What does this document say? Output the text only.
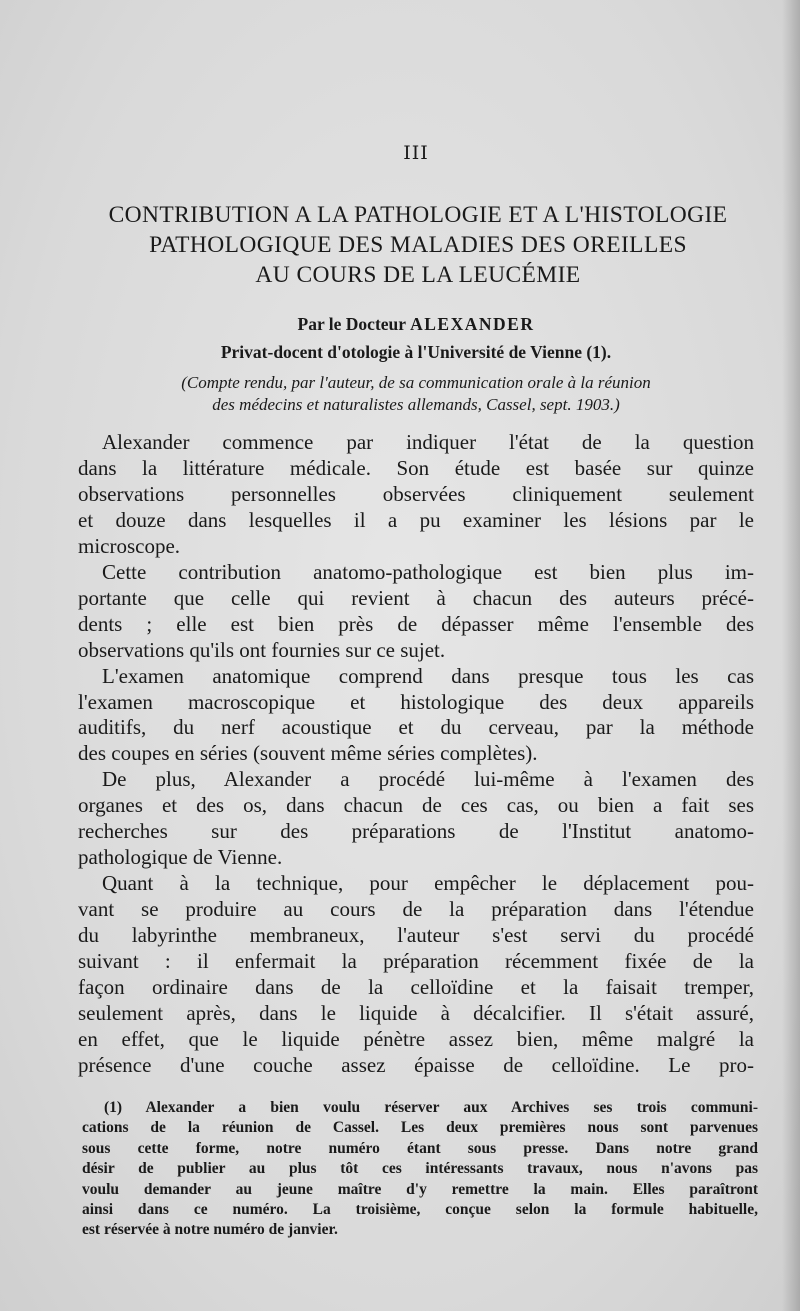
III
CONTRIBUTION A LA PATHOLOGIE ET A L'HISTOLOGIE
PATHOLOGIQUE DES MALADIES DES OREILLES
AU COURS DE LA LEUCÉMIE
Par le Docteur ALEXANDER
Privat-docent d'otologie à l'Université de Vienne (1).
(Compte rendu, par l'auteur, de sa communication orale à la réunion
des médecins et naturalistes allemands, Cassel, sept. 1903.)
Alexander commence par indiquer l'état de la question
dans la littérature médicale. Son étude est basée sur quinze
observations personnelles observées cliniquement seulement
et douze dans lesquelles il a pu examiner les lésions par le
microscope.
Cette contribution anatomo-pathologique est bien plus im-
portante que celle qui revient à chacun des auteurs précé-
dents ; elle est bien près de dépasser même l'ensemble des
observations qu'ils ont fournies sur ce sujet.
L'examen anatomique comprend dans presque tous les cas
l'examen macroscopique et histologique des deux appareils
auditifs, du nerf acoustique et du cerveau, par la méthode
des coupes en séries (souvent même séries complètes).
De plus, Alexander a procédé lui-même à l'examen des
organes et des os, dans chacun de ces cas, ou bien a fait ses
recherches sur des préparations de l'Institut anatomo-
pathologique de Vienne.
Quant à la technique, pour empêcher le déplacement pou-
vant se produire au cours de la préparation dans l'étendue
du labyrinthe membraneux, l'auteur s'est servi du procédé
suivant : il enfermait la préparation récemment fixée de la
façon ordinaire dans de la celloïdine et la faisait tremper,
seulement après, dans le liquide à décalcifier. Il s'était assuré,
en effet, que le liquide pénètre assez bien, même malgré la
présence d'une couche assez épaisse de celloïdine. Le pro-
(1) Alexander a bien voulu réserver aux Archives ses trois communi-
cations de la réunion de Cassel. Les deux premières nous sont parvenues
sous cette forme, notre numéro étant sous presse. Dans notre grand
désir de publier au plus tôt ces intéressants travaux, nous n'avons pas
voulu demander au jeune maître d'y remettre la main. Elles paraîtront
ainsi dans ce numéro. La troisième, conçue selon la formule habituelle,
est réservée à notre numéro de janvier.
